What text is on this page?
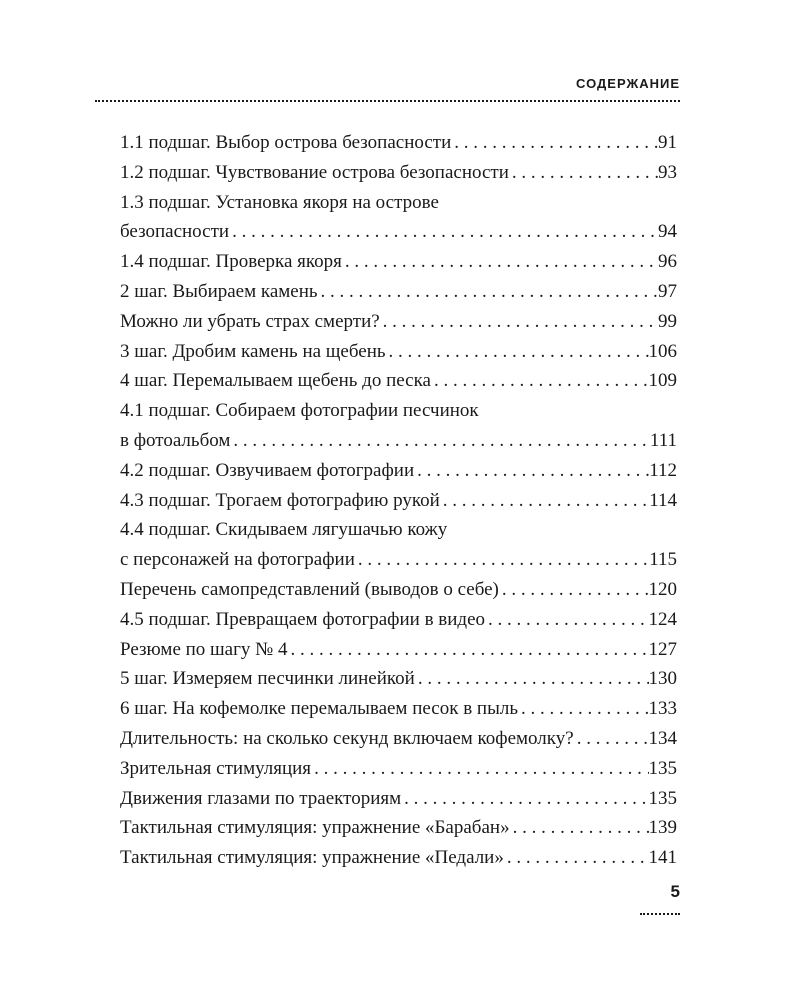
СОДЕРЖАНИЕ
1.1 подшаг. Выбор острова безопасности . . .	91
1.2 подшаг. Чувствование острова безопасности . . .	93
1.3 подшаг. Установка якоря на острове
безопасности . . .	94
1.4 подшаг. Проверка якоря . . .	96
2 шаг. Выбираем камень . . .	97
Можно ли убрать страх смерти? . . .	99
3 шаг. Дробим камень на щебень . . .	106
4 шаг. Перемалываем щебень до песка . . .	109
4.1 подшаг. Собираем фотографии песчинок
в фотоальбом . . .	111
4.2 подшаг. Озвучиваем фотографии . . .	112
4.3 подшаг. Трогаем фотографию рукой . . .	114
4.4 подшаг. Скидываем лягушачью кожу
с персонажей на фотографии . . .	115
Перечень самопредставлений (выводов о себе) . . .	120
4.5 подшаг. Превращаем фотографии в видео . . .	124
Резюме по шагу № 4 . . .	127
5 шаг. Измеряем песчинки линейкой . . .	130
6 шаг. На кофемолке перемалываем песок в пыль . . .	133
Длительность: на сколько секунд включаем кофемолку? . . .	134
Зрительная стимуляция . . .	135
Движения глазами по траекториям . . .	135
Тактильная стимуляция: упражнение «Барабан» . . .	139
Тактильная стимуляция: упражнение «Педали» . . .	141
5
